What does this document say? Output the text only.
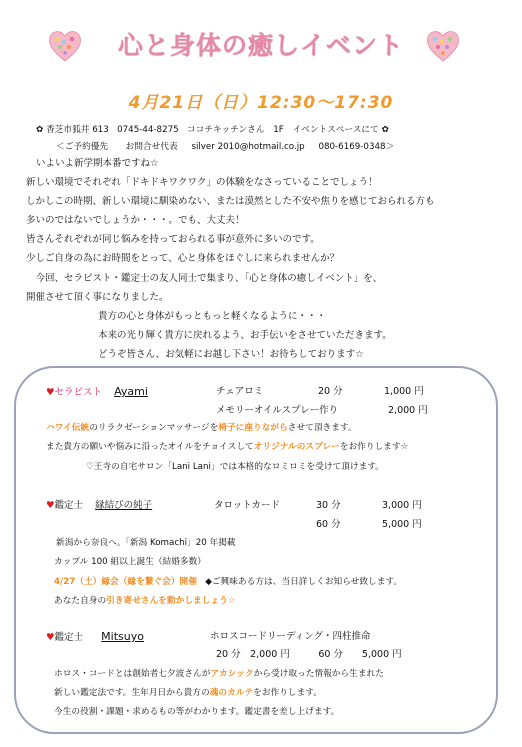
心と身体の癒しイベント
4月21日（日）12:30〜17:30
✿ 香芝市狐井 613 0745-44-8275 ココチキッチンさん　1F　イベントスペースにて ✿
＜ご予約優先　　お問合せ代表 silver 2010@hotmail.co.jp 080-6169-0348＞
いよいよ新学期本番ですね☆
新しい環境でそれぞれ「ドキドキワクワク」の体験をなさっていることでしょう！
しかしこの時期、新しい環境に馴染めない、または漠然とした不安や焦りを感じておられる方も
多いのではないでしょうか・・・。でも、大丈夫！
皆さんそれぞれが同じ悩みを持っておられる事が意外に多いのです。
少しご自身の為にお時間をとって、心と身体をほぐしに来られませんか？
　今回、セラピスト・鑑定士の友人同士で集まり、「心と身体の癒しイベント」を、
開催させて頂く事になりました。
貴方の心と身体がもっともっと軽くなるように・・・
本来の光り輝く貴方に戻れるよう、お手伝いをさせていただきます。
どうぞ皆さん、お気軽にお越し下さい！お待ちしております☆
♥セラピスト Ayami	チェアロミ	20 分	1,000 円
メモリーオイルスプレー作り	2,000 円
ハワイ伝統のリラクゼーションマッサージを椅子に座りながらさせて頂きます。
また貴方の願いや悩みに沿ったオイルをチョイスしてオリジナルのスプレーをお作りします☆
♡王寺の自宅サロン「Lani Lani」では本格的なロミロミを受けて頂けます。
♥鑑定士 縁結びの純子	タロットカード	30 分	3,000 円
60 分	5,000 円
新潟から奈良へ。「新潟 Komachi」20 年掲載
カップル 100 組以上誕生（結婚多数）
4/27（土）縁会（縁を繋ぐ会）開催 ◆ご興味ある方は、当日詳しくお知らせ致します。
あなた自身の引き寄せさんを動かしましょう☆
♥鑑定士 Mitsuyo	ホロスコードリーディング・四柱推命
20 分　2,000 円　　　60 分　　5,000 円
ホロス・コードとは創始者七夕波さんがアカシックから受け取った情報から生まれた
新しい鑑定法です。生年月日から貴方の魂のカルテをお作りします。
今生の役割・課題・求めるもの等がわかります。鑑定書を差し上げます。
